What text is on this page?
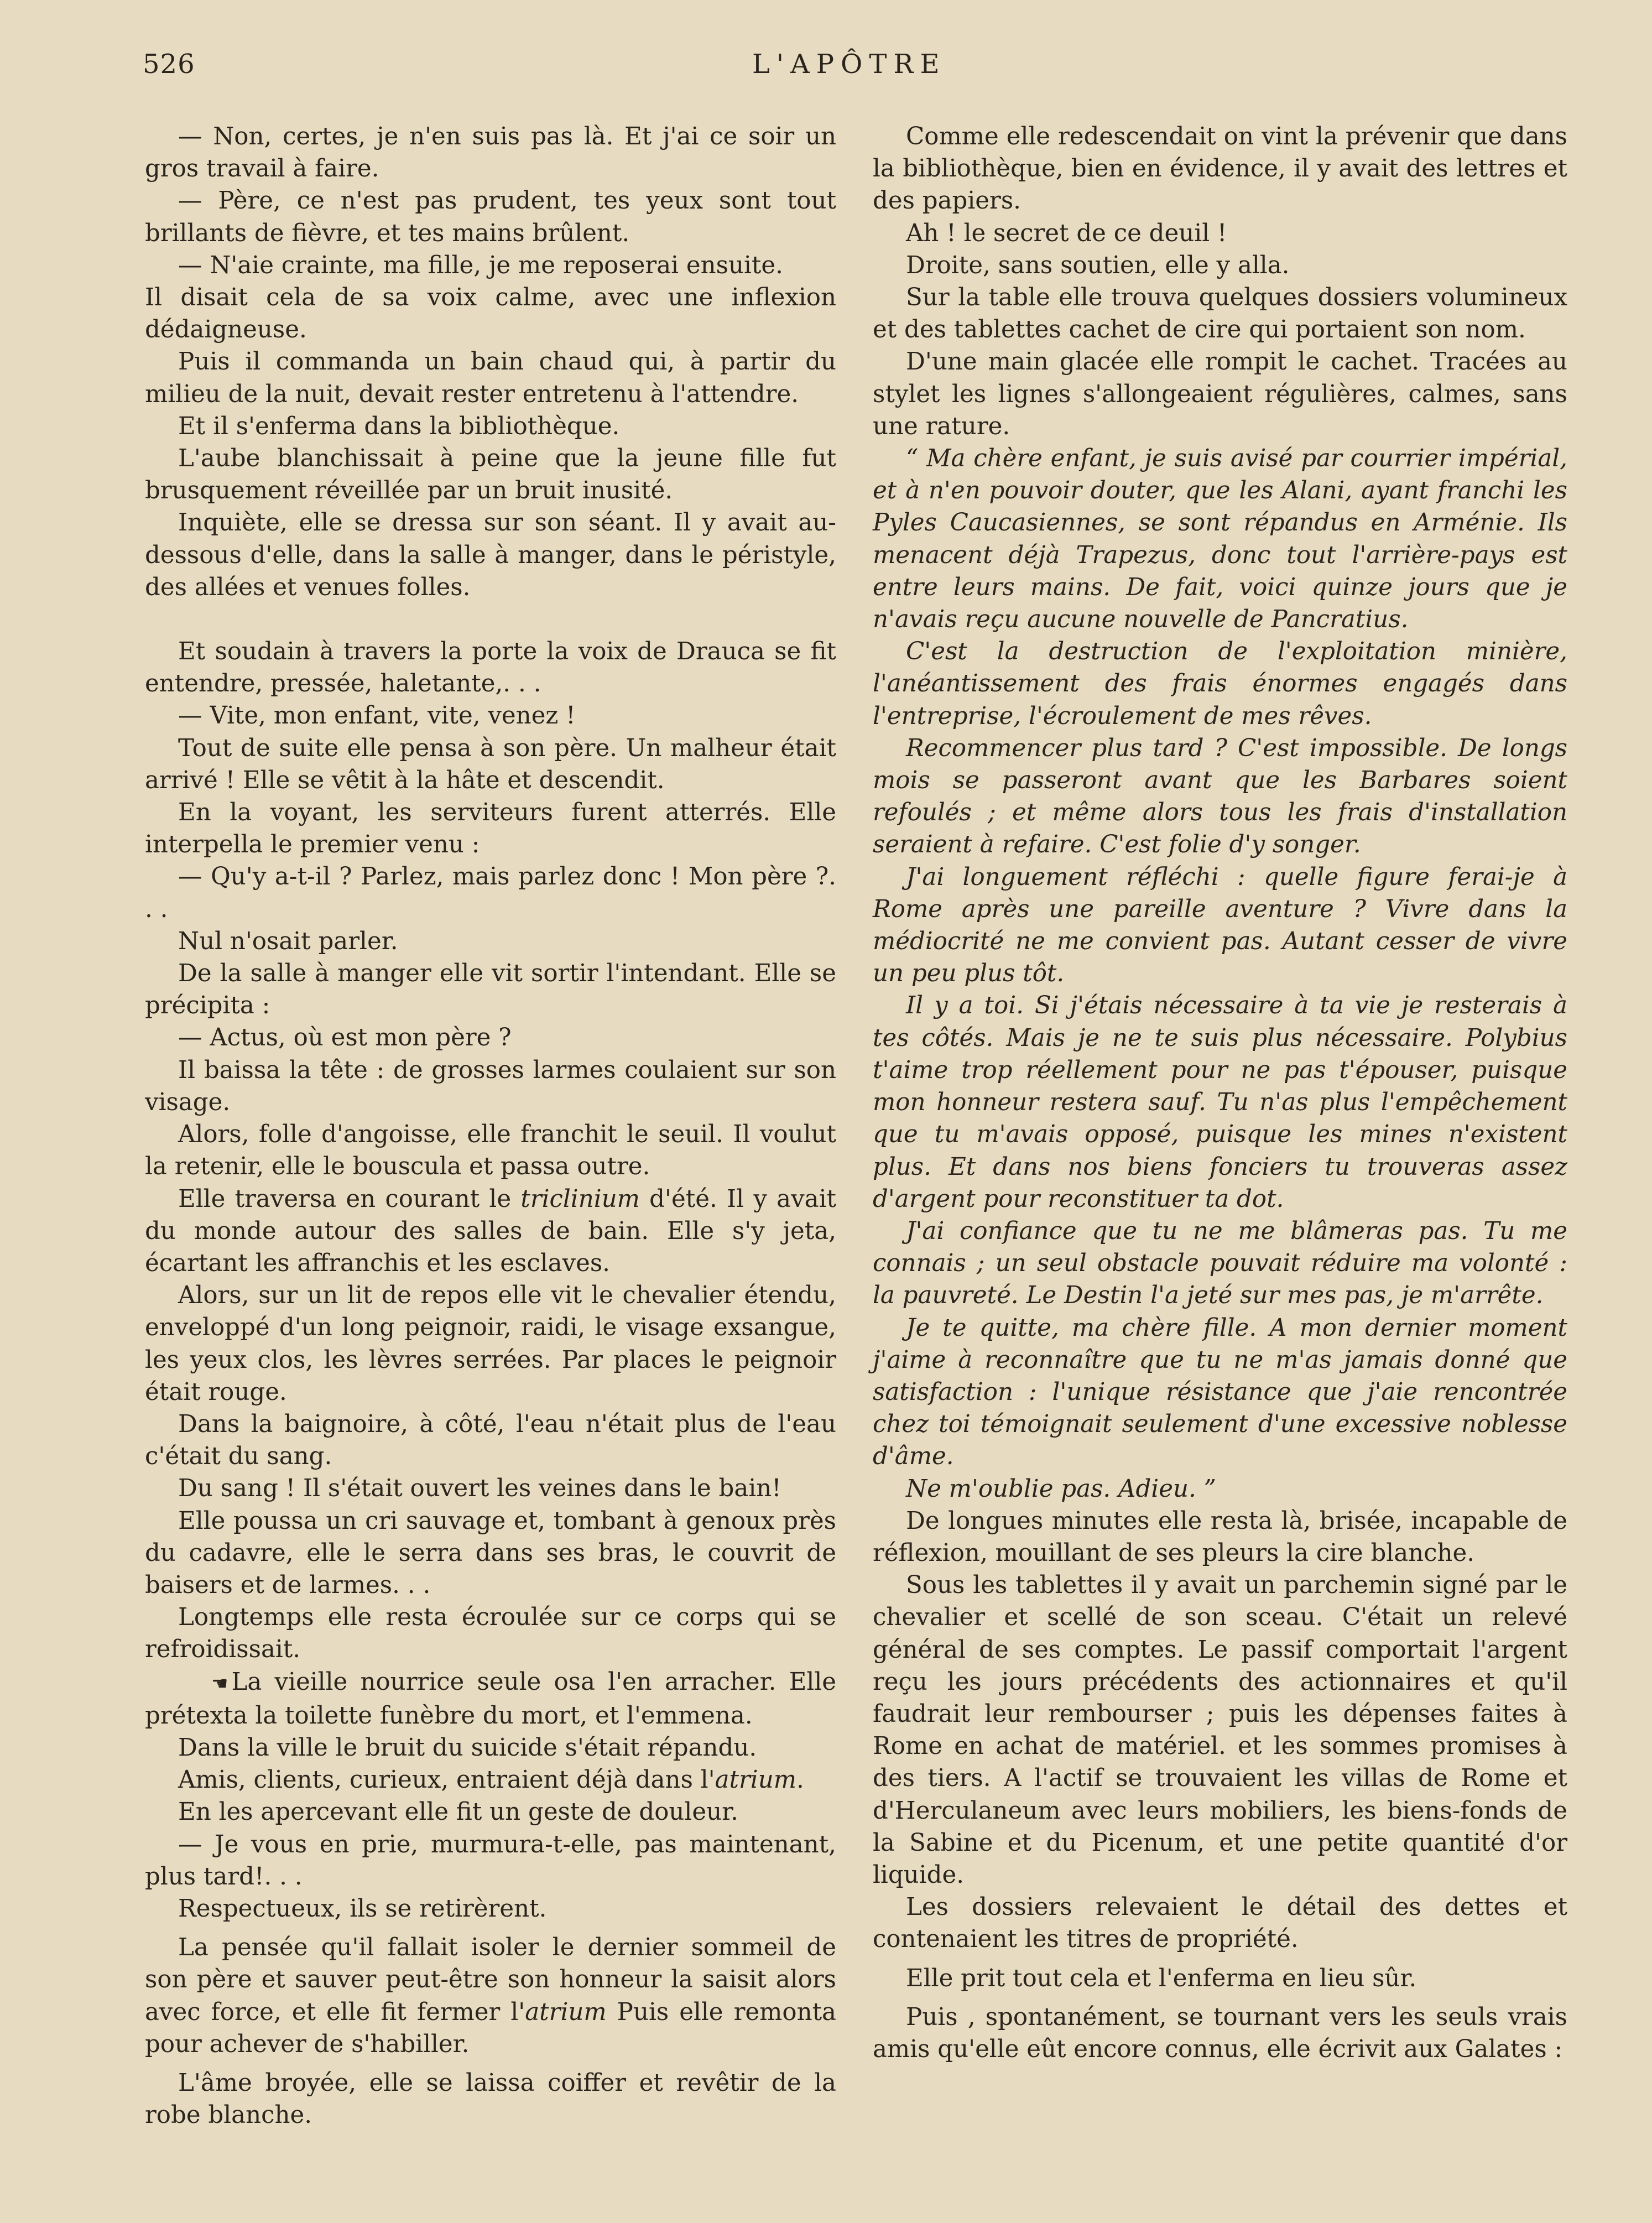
526	L'APÔTRE

— Non, certes, je n'en suis pas là. Et j'ai ce soir un gros travail à faire.

— Père, ce n'est pas prudent, tes yeux sont tout brillants de fièvre, et tes mains brûlent.

— N'aie crainte, ma fille, je me reposerai ensuite.

Il disait cela de sa voix calme, avec une inflexion dédaigneuse.

Puis il commanda un bain chaud qui, à partir du milieu de la nuit, devait rester entretenu à l'attendre.

Et il s'enferma dans la bibliothèque.

L'aube blanchissait à peine que la jeune fille fut brusquement réveillée par un bruit inusité.

Inquiète, elle se dressa sur son séant. Il y avait au-dessous d'elle, dans la salle à manger, dans le péristyle, des allées et venues folles.

Et soudain à travers la porte la voix de Drauca se fit entendre, pressée, haletante,. . .

— Vite, mon enfant, vite, venez !

Tout de suite elle pensa à son père. Un malheur était arrivé ! Elle se vêtit à la hâte et descendit.

En la voyant, les serviteurs furent atterrés. Elle interpella le premier venu :

— Qu'y a-t-il ? Parlez, mais parlez donc ! Mon père ?. . .

Nul n'osait parler.

De la salle à manger elle vit sortir l'intendant. Elle se précipita :

— Actus, où est mon père ?

Il baissa la tête : de grosses larmes coulaient sur son visage.

Alors, folle d'angoisse, elle franchit le seuil. Il voulut la retenir, elle le bouscula et passa outre.

Elle traversa en courant le triclinium d'été. Il y avait du monde autour des salles de bain. Elle s'y jeta, écartant les affranchis et les esclaves.

Alors, sur un lit de repos elle vit le chevalier étendu, enveloppé d'un long peignoir, raidi, le visage exsangue, les yeux clos, les lèvres serrées. Par places le peignoir était rouge.

Dans la baignoire, à côté, l'eau n'était plus de l'eau c'était du sang.

Du sang ! Il s'était ouvert les veines dans le bain!

Elle poussa un cri sauvage et, tombant à genoux près du cadavre, elle le serra dans ses bras, le couvrit de baisers et de larmes. . .

Longtemps elle resta écroulée sur ce corps qui se refroidissait.

☚ La vieille nourrice seule osa l'en arracher. Elle prétexta la toilette funèbre du mort, et l'emmena.

Dans la ville le bruit du suicide s'était répandu.

Amis, clients, curieux, entraient déjà dans l'atrium.

En les apercevant elle fit un geste de douleur.

— Je vous en prie, murmura-t-elle, pas maintenant, plus tard!. . .

Respectueux, ils se retirèrent.

La pensée qu'il fallait isoler le dernier sommeil de son père et sauver peut-être son honneur la saisit alors avec force, et elle fit fermer l'atrium Puis elle remonta pour achever de s'habiller.

L'âme broyée, elle se laissa coiffer et revêtir de la robe blanche.

Comme elle redescendait on vint la prévenir que dans la bibliothèque, bien en évidence, il y avait des lettres et des papiers.

Ah ! le secret de ce deuil !

Droite, sans soutien, elle y alla.

Sur la table elle trouva quelques dossiers volumineux et des tablettes cachet de cire qui portaient son nom.

D'une main glacée elle rompit le cachet. Tracées au stylet les lignes s'allongeaient régulières, calmes, sans une rature.

“ Ma chère enfant, je suis avisé par courrier impérial, et à n'en pouvoir douter, que les Alani, ayant franchi les Pyles Caucasiennes, se sont répandus en Arménie. Ils menacent déjà Trapezus, donc tout l'arrière-pays est entre leurs mains. De fait, voici quinze jours que je n'avais reçu aucune nouvelle de Pancratius.

C'est la destruction de l'exploitation minière, l'anéantissement des frais énormes engagés dans l'entreprise, l'écroulement de mes rêves.

Recommencer plus tard ? C'est impossible. De longs mois se passeront avant que les Barbares soient refoulés ; et même alors tous les frais d'installation seraient à refaire. C'est folie d'y songer.

J'ai longuement réfléchi : quelle figure ferai-je à Rome après une pareille aventure ? Vivre dans la médiocrité ne me convient pas. Autant cesser de vivre un peu plus tôt.

Il y a toi. Si j'étais nécessaire à ta vie je resterais à tes côtés. Mais je ne te suis plus nécessaire. Polybius t'aime trop réellement pour ne pas t'épouser, puisque mon honneur restera sauf. Tu n'as plus l'empêchement que tu m'avais opposé, puisque les mines n'existent plus. Et dans nos biens fonciers tu trouveras assez d'argent pour reconstituer ta dot.

J'ai confiance que tu ne me blâmeras pas. Tu me connais ; un seul obstacle pouvait réduire ma volonté : la pauvreté. Le Destin l'a jeté sur mes pas, je m'arrête.

Je te quitte, ma chère fille. A mon dernier moment j'aime à reconnaître que tu ne m'as jamais donné que satisfaction : l'unique résistance que j'aie rencontrée chez toi témoignait seulement d'une excessive noblesse d'âme.

Ne m'oublie pas. Adieu. ”

De longues minutes elle resta là, brisée, incapable de réflexion, mouillant de ses pleurs la cire blanche.

Sous les tablettes il y avait un parchemin signé par le chevalier et scellé de son sceau. C'était un relevé général de ses comptes. Le passif comportait l'argent reçu les jours précédents des actionnaires et qu'il faudrait leur rembourser ; puis les dépenses faites à Rome en achat de matériel. et les sommes promises à des tiers. A l'actif se trouvaient les villas de Rome et d'Herculaneum avec leurs mobiliers, les biens-fonds de la Sabine et du Picenum, et une petite quantité d'or liquide.

Les dossiers relevaient le détail des dettes et contenaient les titres de propriété.

Elle prit tout cela et l'enferma en lieu sûr.

Puis , spontanément, se tournant vers les seuls vrais amis qu'elle eût encore connus, elle écrivit aux Galates :
